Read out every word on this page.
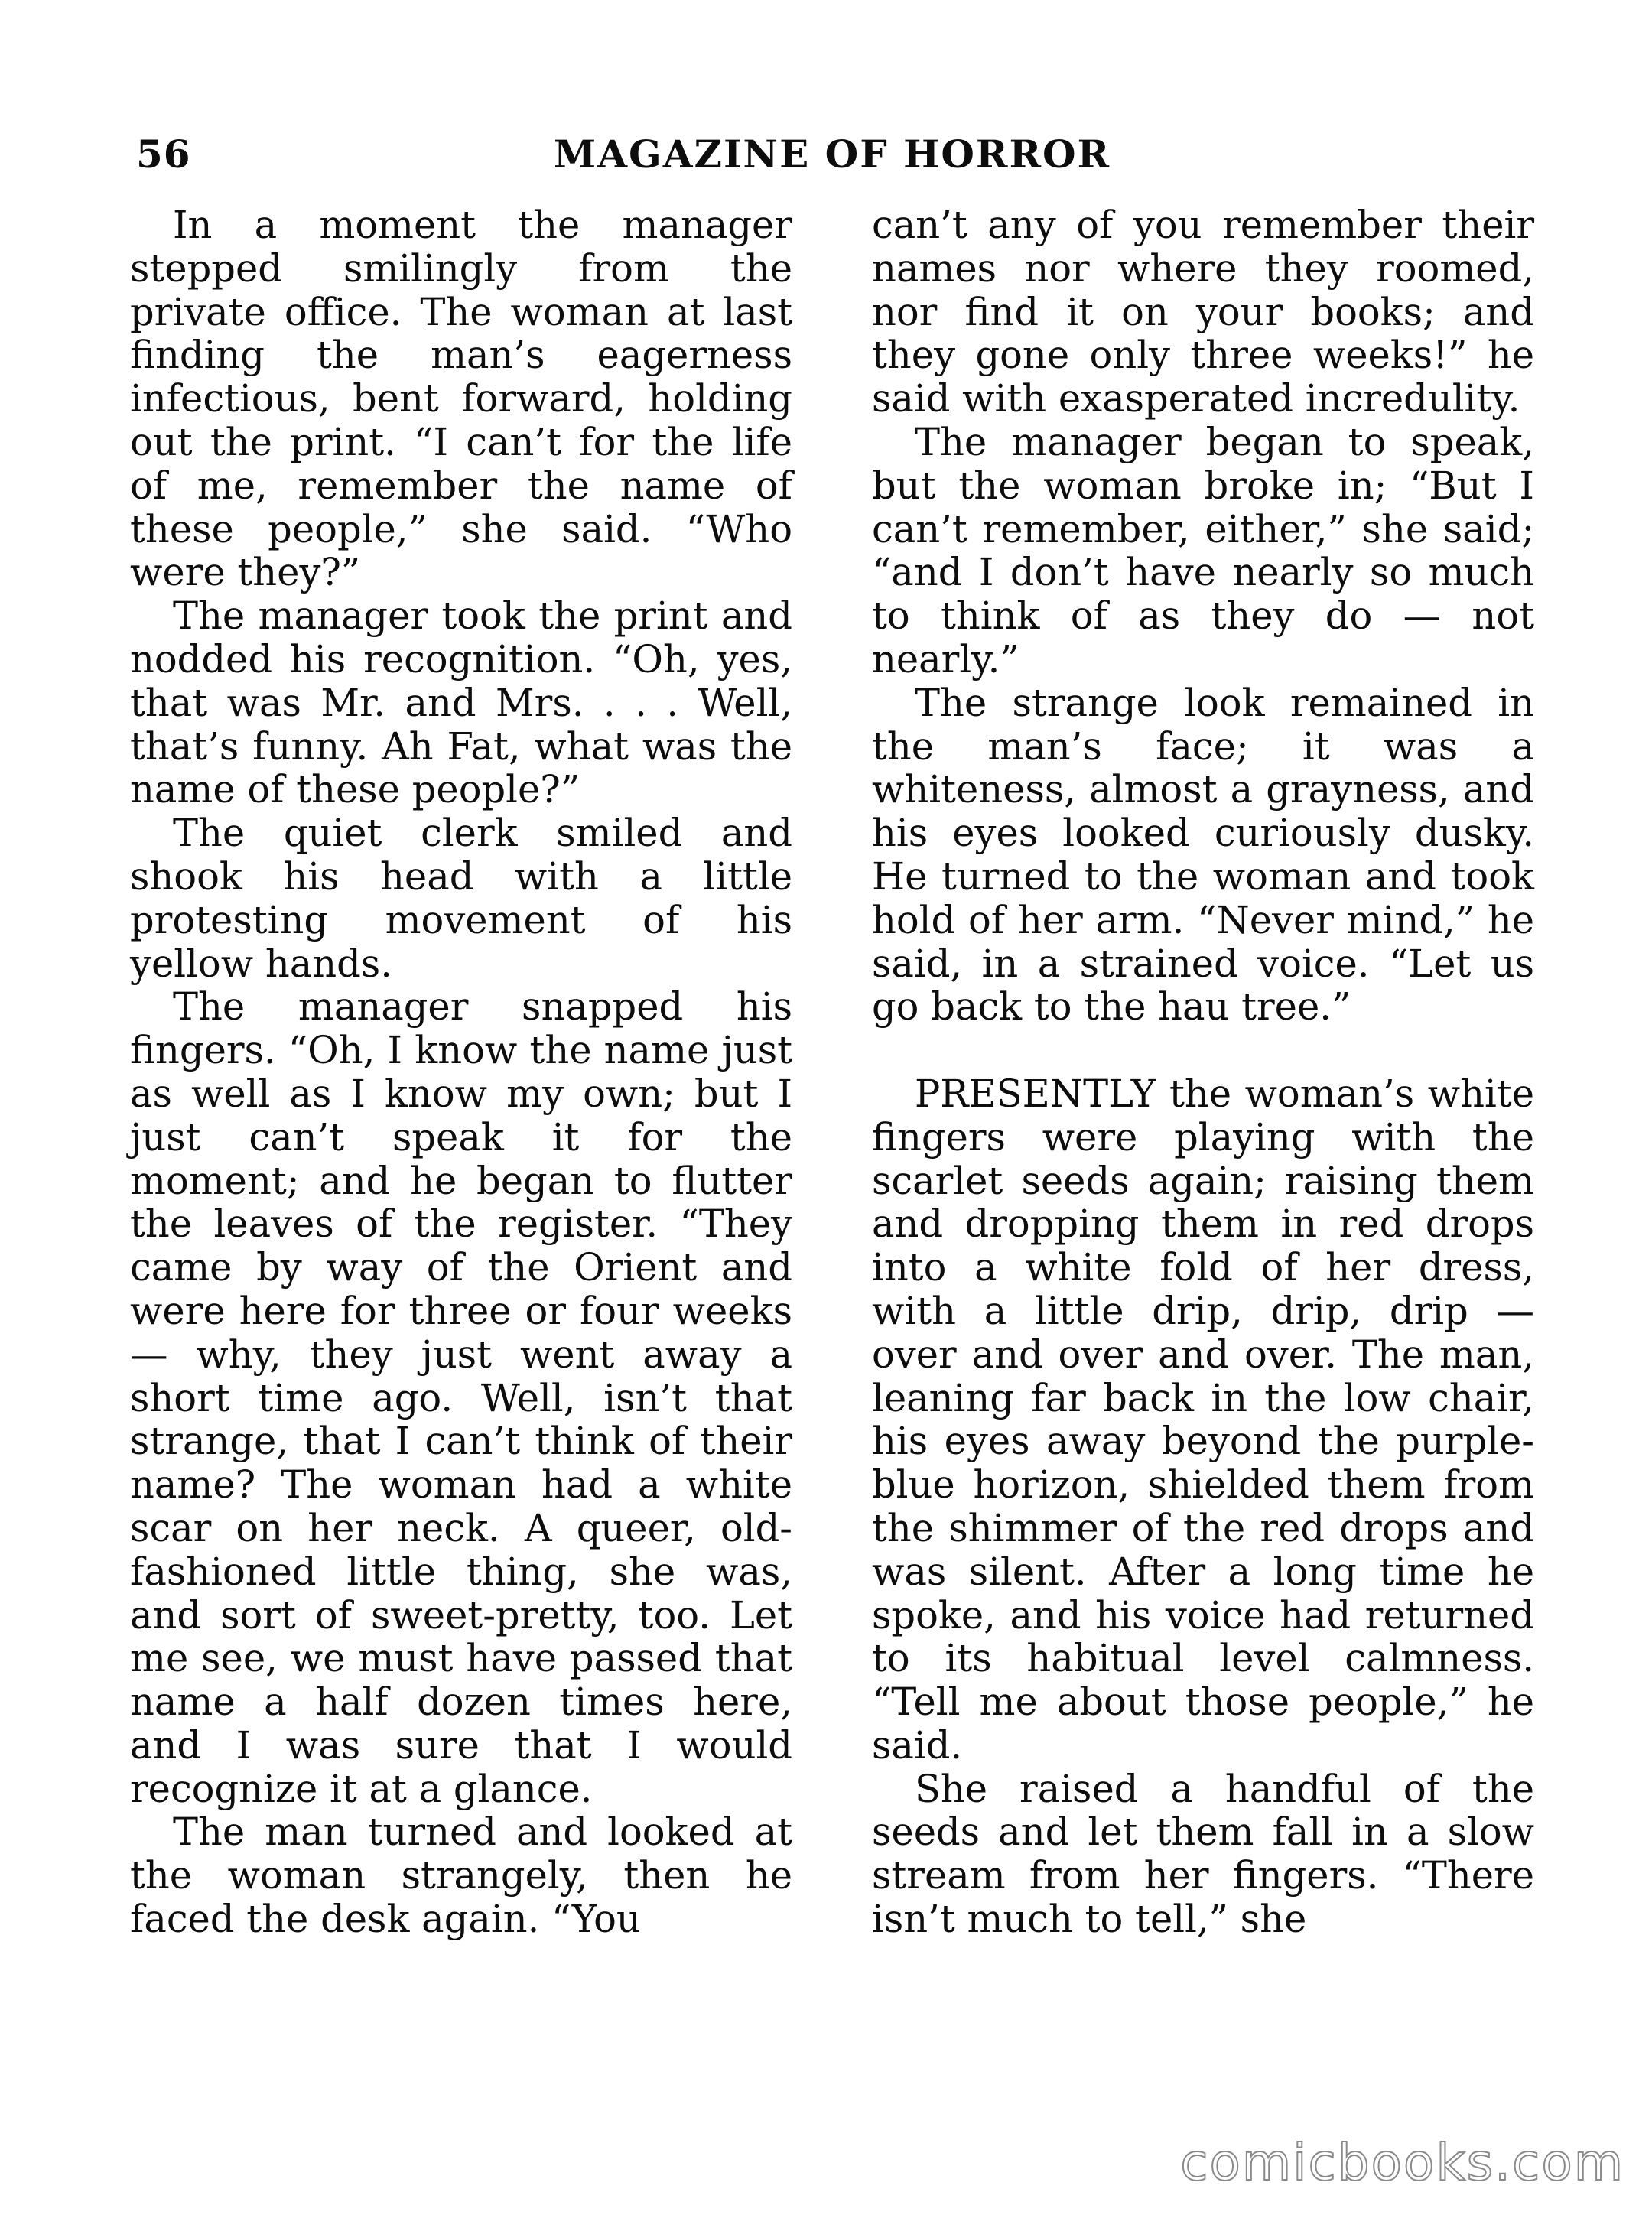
56	MAGAZINE OF HORROR

In a moment the manager stepped smilingly from the private office. The woman at last finding the man’s eagerness infectious, bent forward, holding out the print. “I can’t for the life of me, remember the name of these people,” she said. “Who were they?”

The manager took the print and nodded his recognition. “Oh, yes, that was Mr. and Mrs. . . . Well, that’s funny. Ah Fat, what was the name of these people?”

The quiet clerk smiled and shook his head with a little protesting movement of his yellow hands.

The manager snapped his fingers. “Oh, I know the name just as well as I know my own; but I just can’t speak it for the moment; and he began to flutter the leaves of the register. “They came by way of the Orient and were here for three or four weeks — why, they just went away a short time ago. Well, isn’t that strange, that I can’t think of their name? The woman had a white scar on her neck. A queer, old-fashioned little thing, she was, and sort of sweet-pretty, too. Let me see, we must have passed that name a half dozen times here, and I was sure that I would recognize it at a glance.

The man turned and looked at the woman strangely, then he faced the desk again. “You

can’t any of you remember their names nor where they roomed, nor find it on your books; and they gone only three weeks!” he said with exasperated incredulity.

The manager began to speak, but the woman broke in; “But I can’t remember, either,” she said; “and I don’t have nearly so much to think of as they do — not nearly.”

The strange look remained in the man’s face; it was a whiteness, almost a grayness, and his eyes looked curiously dusky. He turned to the woman and took hold of her arm. “Never mind,” he said, in a strained voice. “Let us go back to the hau tree.”

PRESENTLY the woman’s white fingers were playing with the scarlet seeds again; raising them and dropping them in red drops into a white fold of her dress, with a little drip, drip, drip — over and over and over. The man, leaning far back in the low chair, his eyes away beyond the purple-blue horizon, shielded them from the shimmer of the red drops and was silent. After a long time he spoke, and his voice had returned to its habitual level calmness. “Tell me about those people,” he said.

She raised a handful of the seeds and let them fall in a slow stream from her fingers. “There isn’t much to tell,” she

comicbooks.com
